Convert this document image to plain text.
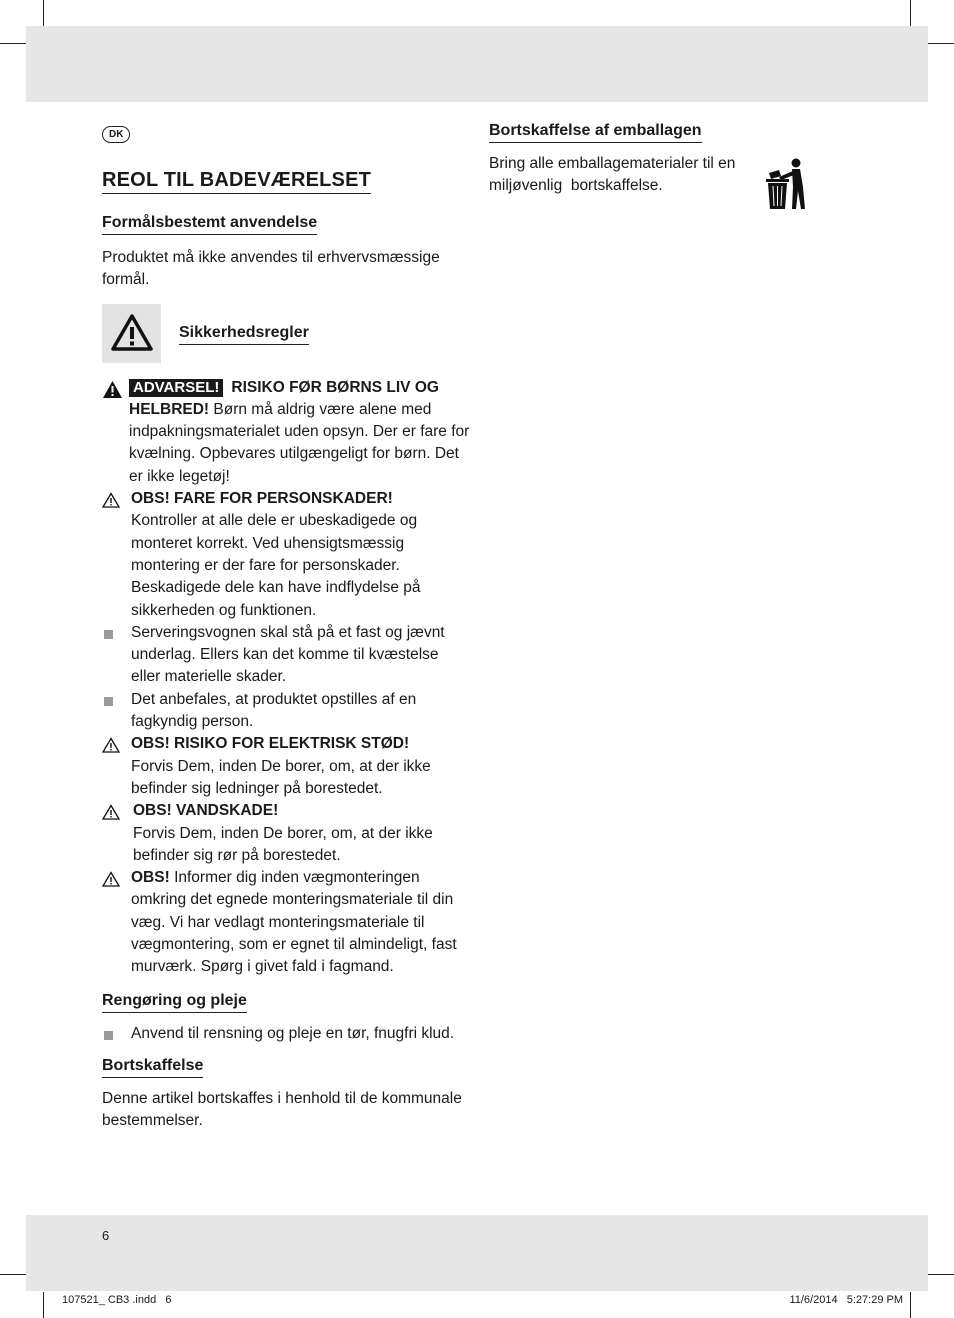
DK
REOL TIL BADEVÆRELSET
Formålsbestemt anvendelse

Produktet må ikke anvendes til erhvervsmæssige formål.

Sikkerhedsregler
ADVARSEL! RISIKO FØR BØRNS LIV OG HELBRED! Børn må aldrig være alene med indpakningsmaterialet uden opsyn. Der er fare for kvælning. Opbevares utilgængeligt for børn. Det er ikke legetøj!
OBS! FARE FOR PERSONSKADER!
Kontroller at alle dele er ubeskadigede og monteret korrekt. Ved uhensigtsmæssig montering er der fare for personskader. Beskadigede dele kan have indflydelse på sikkerheden og funktionen.
Serveringsvognen skal stå på et fast og jævnt underlag. Ellers kan det komme til kvæstelse eller materielle skader.
Det anbefales, at produktet opstilles af en fagkyndig person.
OBS! RISIKO FOR ELEKTRISK STØD!
Forvis Dem, inden De borer, om, at der ikke befinder sig ledninger på borestedet.
OBS! VANDSKADE!
Forvis Dem, inden De borer, om, at der ikke befinder sig rør på borestedet.
OBS! Informer dig inden vægmonteringen omkring det egnede monteringsmateriale til din væg. Vi har vedlagt monteringsmateriale til vægmontering, som er egnet til almindeligt, fast murværk. Spørg i givet fald i fagmand.
Rengøring og pleje
Anvend til rensning og pleje en tør, fnugfri klud.
Bortskaffelse

Denne artikel bortskaffes i henhold til de kommunale bestemmelser.

Bortskaffelse af emballagen

Bring alle emballagematerialer til en miljøvenlig  bortskaffelse.

6
107521_ CB3 .indd   6	11/6/2014   5:27:29 PM
